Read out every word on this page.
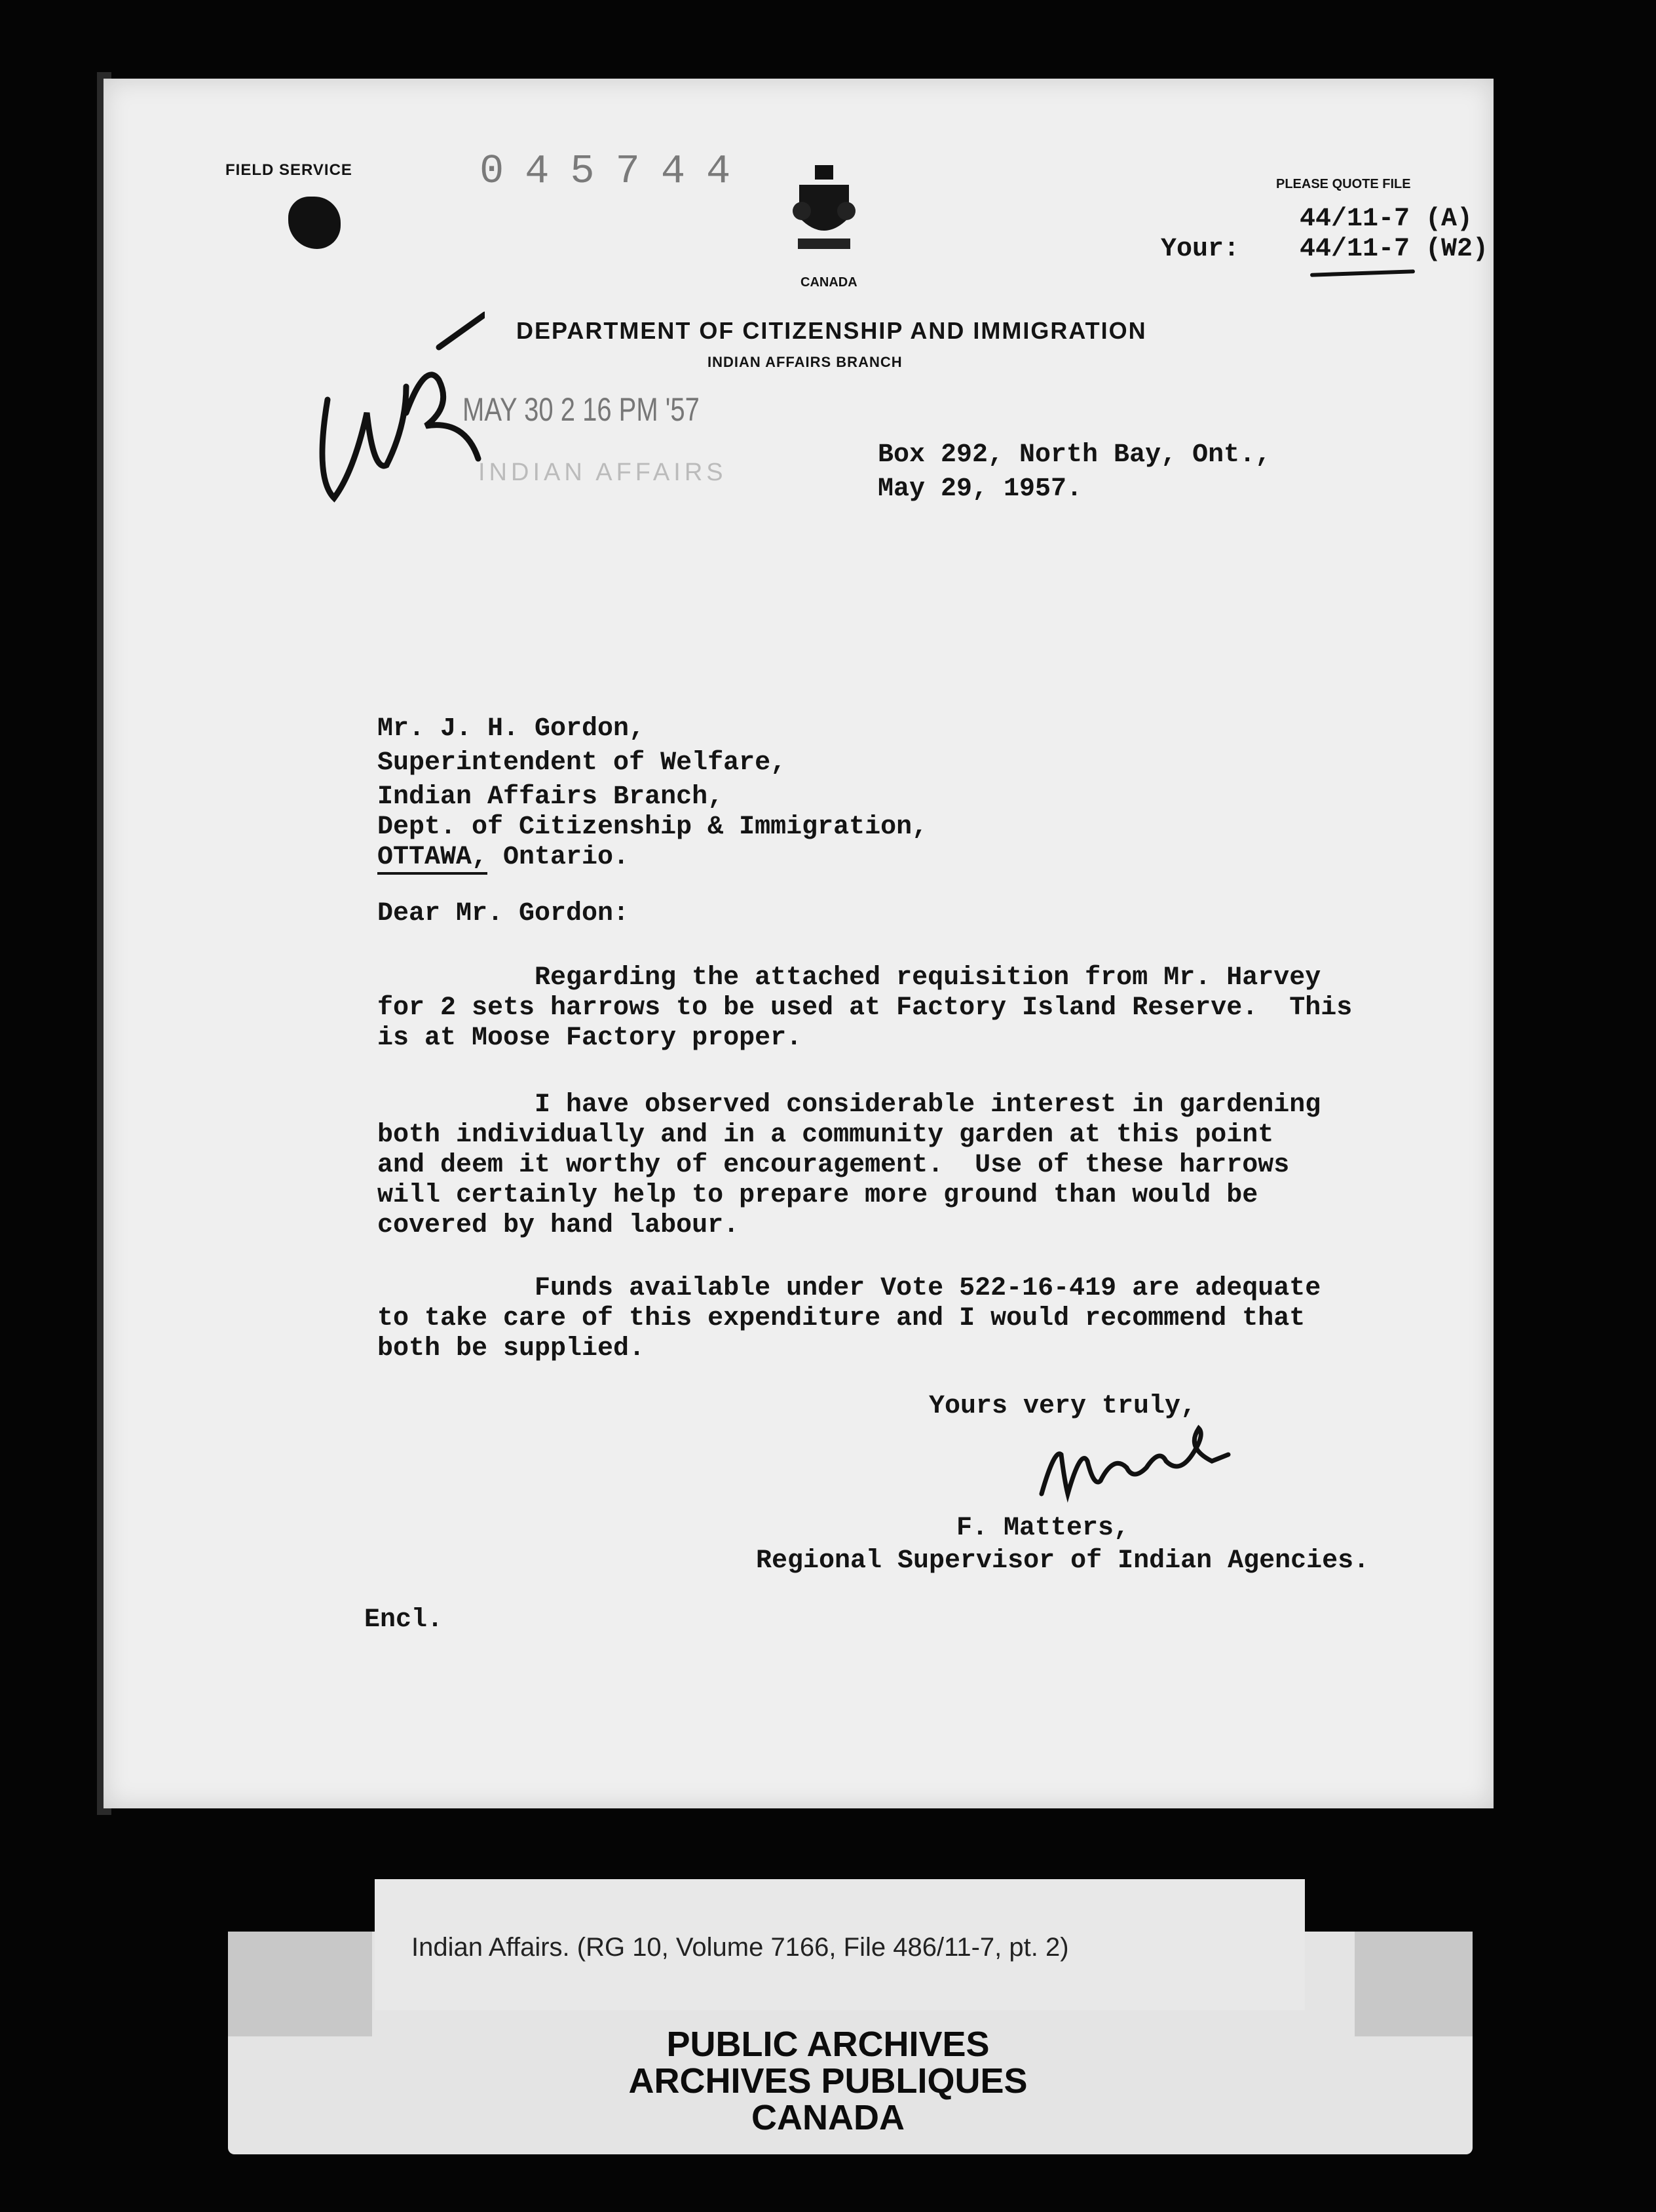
FIELD SERVICE	045744
CANADA
PLEASE QUOTE FILE
44/11-7 (A)
Your: 44/11-7 (W2)
DEPARTMENT OF CITIZENSHIP AND IMMIGRATION
INDIAN AFFAIRS BRANCH
MAY 30 2 16 PM '57
INDIAN AFFAIRS
Box 292, North Bay, Ont.,
May 29, 1957.
Mr. J. H. Gordon,
Superintendent of Welfare,
Indian Affairs Branch,
Dept. of Citizenship & Immigration,
OTTAWA, Ontario.
Dear Mr. Gordon:
Regarding the attached requisition from Mr. Harvey
for 2 sets harrows to be used at Factory Island Reserve.  This
is at Moose Factory proper.
I have observed considerable interest in gardening
both individually and in a community garden at this point
and deem it worthy of encouragement.  Use of these harrows
will certainly help to prepare more ground than would be
covered by hand labour.
Funds available under Vote 522-16-419 are adequate
to take care of this expenditure and I would recommend that
both be supplied.
Yours very truly,
F. Matters,
Regional Supervisor of Indian Agencies.
Encl.
Indian Affairs. (RG 10, Volume 7166, File 486/11-7, pt. 2)
PUBLIC ARCHIVES
ARCHIVES PUBLIQUES
CANADA
